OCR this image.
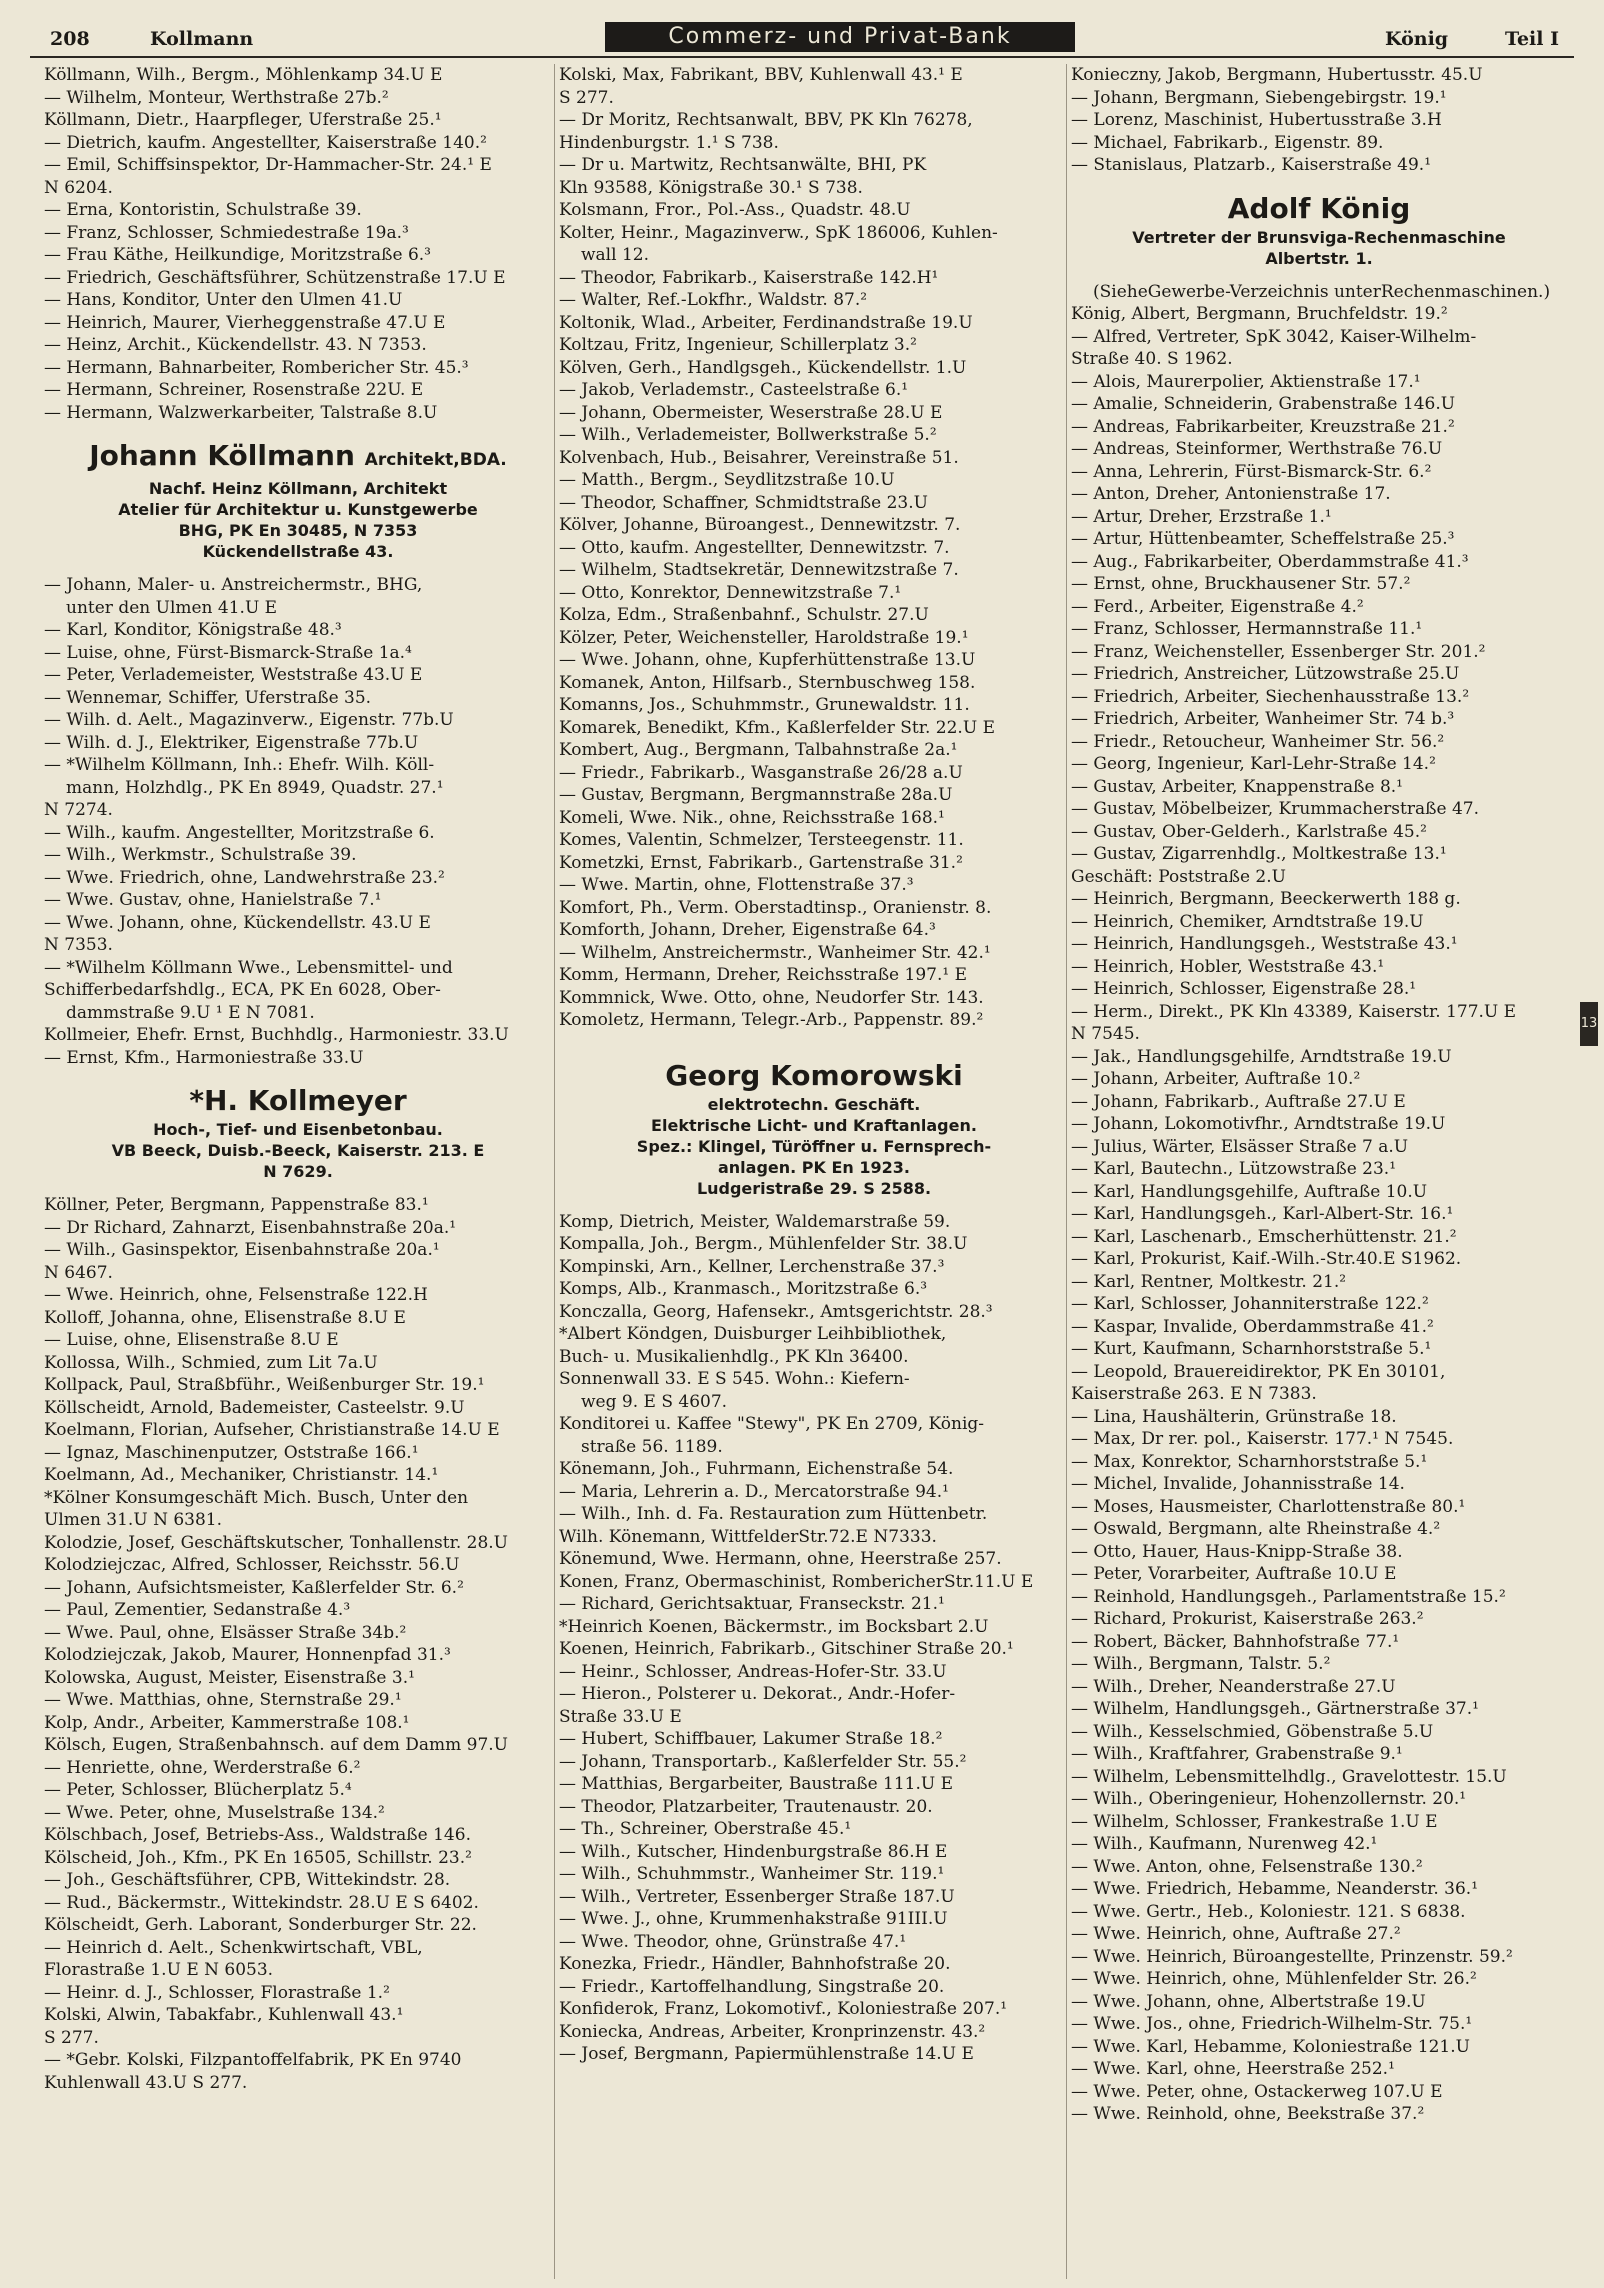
208	Kollmann	Commerz- und Privat-Bank	König	Teil I
13
Köllmann, Wilh., Bergm., Möhlenkamp 34.U E
— Wilhelm, Monteur, Werthstraße 27b.²
Köllmann, Dietr., Haarpfleger, Uferstraße 25.¹
— Dietrich, kaufm. Angestellter, Kaiserstraße 140.²
— Emil, Schiffsinspektor, Dr-Hammacher-Str. 24.¹ E
N 6204.
— Erna, Kontoristin, Schulstraße 39.
— Franz, Schlosser, Schmiedestraße 19a.³
— Frau Käthe, Heilkundige, Moritzstraße 6.³
— Friedrich, Geschäftsführer, Schützenstraße 17.U E
— Hans, Konditor, Unter den Ulmen 41.U
— Heinrich, Maurer, Vierheggenstraße 47.U E
— Heinz, Archit., Kückendellstr. 43. N 7353.
— Hermann, Bahnarbeiter, Rombericher Str. 45.³
— Hermann, Schreiner, Rosenstraße 22U. E
— Hermann, Walzwerkarbeiter, Talstraße 8.U
Johann Köllmann Architekt,BDA.
Nachf. Heinz Köllmann, Architekt
Atelier für Architektur u. Kunstgewerbe
BHG, PK En 30485, N 7353
Kückendellstraße 43.
— Johann, Maler- u. Anstreichermstr., BHG,
unter den Ulmen 41.U E
— Karl, Konditor, Königstraße 48.³
— Luise, ohne, Fürst-Bismarck-Straße 1a.⁴
— Peter, Verlademeister, Weststraße 43.U E
— Wennemar, Schiffer, Uferstraße 35.
— Wilh. d. Aelt., Magazinverw., Eigenstr. 77b.U
— Wilh. d. J., Elektriker, Eigenstraße 77b.U
— *Wilhelm Köllmann, Inh.: Ehefr. Wilh. Köll-
mann, Holzhdlg., PK En 8949, Quadstr. 27.¹
N 7274.
— Wilh., kaufm. Angestellter, Moritzstraße 6.
— Wilh., Werkmstr., Schulstraße 39.
— Wwe. Friedrich, ohne, Landwehrstraße 23.²
— Wwe. Gustav, ohne, Hanielstraße 7.¹
— Wwe. Johann, ohne, Kückendellstr. 43.U E
N 7353.
— *Wilhelm Köllmann Wwe., Lebensmittel- und
Schifferbedarfshdlg., ECA, PK En 6028, Ober-
dammstraße 9.U ¹ E N 7081.
Kollmeier, Ehefr. Ernst, Buchhdlg., Harmoniestr. 33.U
— Ernst, Kfm., Harmoniestraße 33.U
*H. Kollmeyer
Hoch-, Tief- und Eisenbetonbau.
VB Beeck, Duisb.-Beeck, Kaiserstr. 213. E
N 7629.
Köllner, Peter, Bergmann, Pappenstraße 83.¹
— Dr Richard, Zahnarzt, Eisenbahnstraße 20a.¹
— Wilh., Gasinspektor, Eisenbahnstraße 20a.¹
N 6467.
— Wwe. Heinrich, ohne, Felsenstraße 122.H
Kolloff, Johanna, ohne, Elisenstraße 8.U E
— Luise, ohne, Elisenstraße 8.U E
Kollossa, Wilh., Schmied, zum Lit 7a.U
Kollpack, Paul, Straßbführ., Weißenburger Str. 19.¹
Köllscheidt, Arnold, Bademeister, Casteelstr. 9.U
Koelmann, Florian, Aufseher, Christianstraße 14.U E
— Ignaz, Maschinenputzer, Oststraße 166.¹
Koelmann, Ad., Mechaniker, Christianstr. 14.¹
*Kölner Konsumgeschäft Mich. Busch, Unter den
Ulmen 31.U N 6381.
Kolodzie, Josef, Geschäftskutscher, Tonhallenstr. 28.U
Kolodziejczac, Alfred, Schlosser, Reichsstr. 56.U
— Johann, Aufsichtsmeister, Kaßlerfelder Str. 6.²
— Paul, Zementier, Sedanstraße 4.³
— Wwe. Paul, ohne, Elsässer Straße 34b.²
Kolodziejczak, Jakob, Maurer, Honnenpfad 31.³
Kolowska, August, Meister, Eisenstraße 3.¹
— Wwe. Matthias, ohne, Sternstraße 29.¹
Kolp, Andr., Arbeiter, Kammerstraße 108.¹
Kölsch, Eugen, Straßenbahnsch. auf dem Damm 97.U
— Henriette, ohne, Werderstraße 6.²
— Peter, Schlosser, Blücherplatz 5.⁴
— Wwe. Peter, ohne, Muselstraße 134.²
Kölschbach, Josef, Betriebs-Ass., Waldstraße 146.
Kölscheid, Joh., Kfm., PK En 16505, Schillstr. 23.²
— Joh., Geschäftsführer, CPB, Wittekindstr. 28.
— Rud., Bäckermstr., Wittekindstr. 28.U E S 6402.
Kölscheidt, Gerh. Laborant, Sonderburger Str. 22.
— Heinrich d. Aelt., Schenkwirtschaft, VBL,
Florastraße 1.U E N 6053.
— Heinr. d. J., Schlosser, Florastraße 1.²
Kolski, Alwin, Tabakfabr., Kuhlenwall 43.¹
S 277.
— *Gebr. Kolski, Filzpantoffelfabrik, PK En 9740
Kuhlenwall 43.U S 277.
Kolski, Max, Fabrikant, BBV, Kuhlenwall 43.¹ E
S 277.
— Dr Moritz, Rechtsanwalt, BBV, PK Kln 76278,
Hindenburgstr. 1.¹ S 738.
— Dr u. Martwitz, Rechtsanwälte, BHI, PK
Kln 93588, Königstraße 30.¹ S 738.
Kolsmann, Fror., Pol.-Ass., Quadstr. 48.U
Kolter, Heinr., Magazinverw., SpK 186006, Kuhlen-
wall 12.
— Theodor, Fabrikarb., Kaiserstraße 142.H¹
— Walter, Ref.-Lokfhr., Waldstr. 87.²
Koltonik, Wlad., Arbeiter, Ferdinandstraße 19.U
Koltzau, Fritz, Ingenieur, Schillerplatz 3.²
Kölven, Gerh., Handlgsgeh., Kückendellstr. 1.U
— Jakob, Verlademstr., Casteelstraße 6.¹
— Johann, Obermeister, Weserstraße 28.U E
— Wilh., Verlademeister, Bollwerkstraße 5.²
Kolvenbach, Hub., Beisahrer, Vereinstraße 51.
— Matth., Bergm., Seydlitzstraße 10.U
— Theodor, Schaffner, Schmidtstraße 23.U
Kölver, Johanne, Büroangest., Dennewitzstr. 7.
— Otto, kaufm. Angestellter, Dennewitzstr. 7.
— Wilhelm, Stadtsekretär, Dennewitzstraße 7.
— Otto, Konrektor, Dennewitzstraße 7.¹
Kolza, Edm., Straßenbahnf., Schulstr. 27.U
Kölzer, Peter, Weichensteller, Haroldstraße 19.¹
— Wwe. Johann, ohne, Kupferhüttenstraße 13.U
Komanek, Anton, Hilfsarb., Sternbuschweg 158.
Komanns, Jos., Schuhmmstr., Grunewaldstr. 11.
Komarek, Benedikt, Kfm., Kaßlerfelder Str. 22.U E
Kombert, Aug., Bergmann, Talbahnstraße 2a.¹
— Friedr., Fabrikarb., Wasganstraße 26/28 a.U
— Gustav, Bergmann, Bergmannstraße 28a.U
Komeli, Wwe. Nik., ohne, Reichsstraße 168.¹
Komes, Valentin, Schmelzer, Tersteegenstr. 11.
Kometzki, Ernst, Fabrikarb., Gartenstraße 31.²
— Wwe. Martin, ohne, Flottenstraße 37.³
Komfort, Ph., Verm. Oberstadtinsp., Oranienstr. 8.
Komforth, Johann, Dreher, Eigenstraße 64.³
— Wilhelm, Anstreichermstr., Wanheimer Str. 42.¹
Komm, Hermann, Dreher, Reichsstraße 197.¹ E
Kommnick, Wwe. Otto, ohne, Neudorfer Str. 143.
Komoletz, Hermann, Telegr.-Arb., Pappenstr. 89.²
Georg Komorowski
elektrotechn. Geschäft.
Elektrische Licht- und Kraftanlagen.
Spez.: Klingel, Türöffner u. Fernsprech-
anlagen. PK En 1923.
Ludgeristraße 29. S 2588.
Komp, Dietrich, Meister, Waldemarstraße 59.
Kompalla, Joh., Bergm., Mühlenfelder Str. 38.U
Kompinski, Arn., Kellner, Lerchenstraße 37.³
Komps, Alb., Kranmasch., Moritzstraße 6.³
Konczalla, Georg, Hafensekr., Amtsgerichtstr. 28.³
*Albert Köndgen, Duisburger Leihbibliothek,
Buch- u. Musikalienhdlg., PK Kln 36400.
Sonnenwall 33. E S 545. Wohn.: Kiefern-
weg 9. E S 4607.
Konditorei u. Kaffee "Stewy", PK En 2709, König-
straße 56. 1189.
Könemann, Joh., Fuhrmann, Eichenstraße 54.
— Maria, Lehrerin a. D., Mercatorstraße 94.¹
— Wilh., Inh. d. Fa. Restauration zum Hüttenbetr.
Wilh. Könemann, WittfelderStr.72.E N7333.
Könemund, Wwe. Hermann, ohne, Heerstraße 257.
Konen, Franz, Obermaschinist, RombericherStr.11.U E
— Richard, Gerichtsaktuar, Franseckstr. 21.¹
*Heinrich Koenen, Bäckermstr., im Bocksbart 2.U
Koenen, Heinrich, Fabrikarb., Gitschiner Straße 20.¹
— Heinr., Schlosser, Andreas-Hofer-Str. 33.U
— Hieron., Polsterer u. Dekorat., Andr.-Hofer-
Straße 33.U E
— Hubert, Schiffbauer, Lakumer Straße 18.²
— Johann, Transportarb., Kaßlerfelder Str. 55.²
— Matthias, Bergarbeiter, Baustraße 111.U E
— Theodor, Platzarbeiter, Trautenaustr. 20.
— Th., Schreiner, Oberstraße 45.¹
— Wilh., Kutscher, Hindenburgstraße 86.H E
— Wilh., Schuhmmstr., Wanheimer Str. 119.¹
— Wilh., Vertreter, Essenberger Straße 187.U
— Wwe. J., ohne, Krummenhakstraße 91III.U
— Wwe. Theodor, ohne, Grünstraße 47.¹
Konezka, Friedr., Händler, Bahnhofstraße 20.
— Friedr., Kartoffelhandlung, Singstraße 20.
Konfiderok, Franz, Lokomotivf., Koloniestraße 207.¹
Koniecka, Andreas, Arbeiter, Kronprinzenstr. 43.²
— Josef, Bergmann, Papiermühlenstraße 14.U E
Konieczny, Jakob, Bergmann, Hubertusstr. 45.U
— Johann, Bergmann, Siebengebirgstr. 19.¹
— Lorenz, Maschinist, Hubertusstraße 3.H
— Michael, Fabrikarb., Eigenstr. 89.
— Stanislaus, Platzarb., Kaiserstraße 49.¹
Adolf König
Vertreter der Brunsviga-Rechenmaschine
Albertstr. 1.
(SieheGewerbe-Verzeichnis unterRechenmaschinen.)
König, Albert, Bergmann, Bruchfeldstr. 19.²
— Alfred, Vertreter, SpK 3042, Kaiser-Wilhelm-
Straße 40. S 1962.
— Alois, Maurerpolier, Aktienstraße 17.¹
— Amalie, Schneiderin, Grabenstraße 146.U
— Andreas, Fabrikarbeiter, Kreuzstraße 21.²
— Andreas, Steinformer, Werthstraße 76.U
— Anna, Lehrerin, Fürst-Bismarck-Str. 6.²
— Anton, Dreher, Antonienstraße 17.
— Artur, Dreher, Erzstraße 1.¹
— Artur, Hüttenbeamter, Scheffelstraße 25.³
— Aug., Fabrikarbeiter, Oberdammstraße 41.³
— Ernst, ohne, Bruckhausener Str. 57.²
— Ferd., Arbeiter, Eigenstraße 4.²
— Franz, Schlosser, Hermannstraße 11.¹
— Franz, Weichensteller, Essenberger Str. 201.²
— Friedrich, Anstreicher, Lützowstraße 25.U
— Friedrich, Arbeiter, Siechenhausstraße 13.²
— Friedrich, Arbeiter, Wanheimer Str. 74 b.³
— Friedr., Retoucheur, Wanheimer Str. 56.²
— Georg, Ingenieur, Karl-Lehr-Straße 14.²
— Gustav, Arbeiter, Knappenstraße 8.¹
— Gustav, Möbelbeizer, Krummacherstraße 47.
— Gustav, Ober-Gelderh., Karlstraße 45.²
— Gustav, Zigarrenhdlg., Moltkestraße 13.¹
Geschäft: Poststraße 2.U
— Heinrich, Bergmann, Beeckerwerth 188 g.
— Heinrich, Chemiker, Arndtstraße 19.U
— Heinrich, Handlungsgeh., Weststraße 43.¹
— Heinrich, Hobler, Weststraße 43.¹
— Heinrich, Schlosser, Eigenstraße 28.¹
— Herm., Direkt., PK Kln 43389, Kaiserstr. 177.U E
N 7545.
— Jak., Handlungsgehilfe, Arndtstraße 19.U
— Johann, Arbeiter, Auftraße 10.²
— Johann, Fabrikarb., Auftraße 27.U E
— Johann, Lokomotivfhr., Arndtstraße 19.U
— Julius, Wärter, Elsässer Straße 7 a.U
— Karl, Bautechn., Lützowstraße 23.¹
— Karl, Handlungsgehilfe, Auftraße 10.U
— Karl, Handlungsgeh., Karl-Albert-Str. 16.¹
— Karl, Laschenarb., Emscherhüttenstr. 21.²
— Karl, Prokurist, Kaif.-Wilh.-Str.40.E S1962.
— Karl, Rentner, Moltkestr. 21.²
— Karl, Schlosser, Johanniterstraße 122.²
— Kaspar, Invalide, Oberdammstraße 41.²
— Kurt, Kaufmann, Scharnhorststraße 5.¹
— Leopold, Brauereidirektor, PK En 30101,
Kaiserstraße 263. E N 7383.
— Lina, Haushälterin, Grünstraße 18.
— Max, Dr rer. pol., Kaiserstr. 177.¹ N 7545.
— Max, Konrektor, Scharnhorststraße 5.¹
— Michel, Invalide, Johannisstraße 14.
— Moses, Hausmeister, Charlottenstraße 80.¹
— Oswald, Bergmann, alte Rheinstraße 4.²
— Otto, Hauer, Haus-Knipp-Straße 38.
— Peter, Vorarbeiter, Auftraße 10.U E
— Reinhold, Handlungsgeh., Parlamentstraße 15.²
— Richard, Prokurist, Kaiserstraße 263.²
— Robert, Bäcker, Bahnhofstraße 77.¹
— Wilh., Bergmann, Talstr. 5.²
— Wilh., Dreher, Neanderstraße 27.U
— Wilhelm, Handlungsgeh., Gärtnerstraße 37.¹
— Wilh., Kesselschmied, Göbenstraße 5.U
— Wilh., Kraftfahrer, Grabenstraße 9.¹
— Wilhelm, Lebensmittelhdlg., Gravelottestr. 15.U
— Wilh., Oberingenieur, Hohenzollernstr. 20.¹
— Wilhelm, Schlosser, Frankestraße 1.U E
— Wilh., Kaufmann, Nurenweg 42.¹
— Wwe. Anton, ohne, Felsenstraße 130.²
— Wwe. Friedrich, Hebamme, Neanderstr. 36.¹
— Wwe. Gertr., Heb., Koloniestr. 121. S 6838.
— Wwe. Heinrich, ohne, Auftraße 27.²
— Wwe. Heinrich, Büroangestellte, Prinzenstr. 59.²
— Wwe. Heinrich, ohne, Mühlenfelder Str. 26.²
— Wwe. Johann, ohne, Albertstraße 19.U
— Wwe. Jos., ohne, Friedrich-Wilhelm-Str. 75.¹
— Wwe. Karl, Hebamme, Koloniestraße 121.U
— Wwe. Karl, ohne, Heerstraße 252.¹
— Wwe. Peter, ohne, Ostackerweg 107.U E
— Wwe. Reinhold, ohne, Beekstraße 37.²
